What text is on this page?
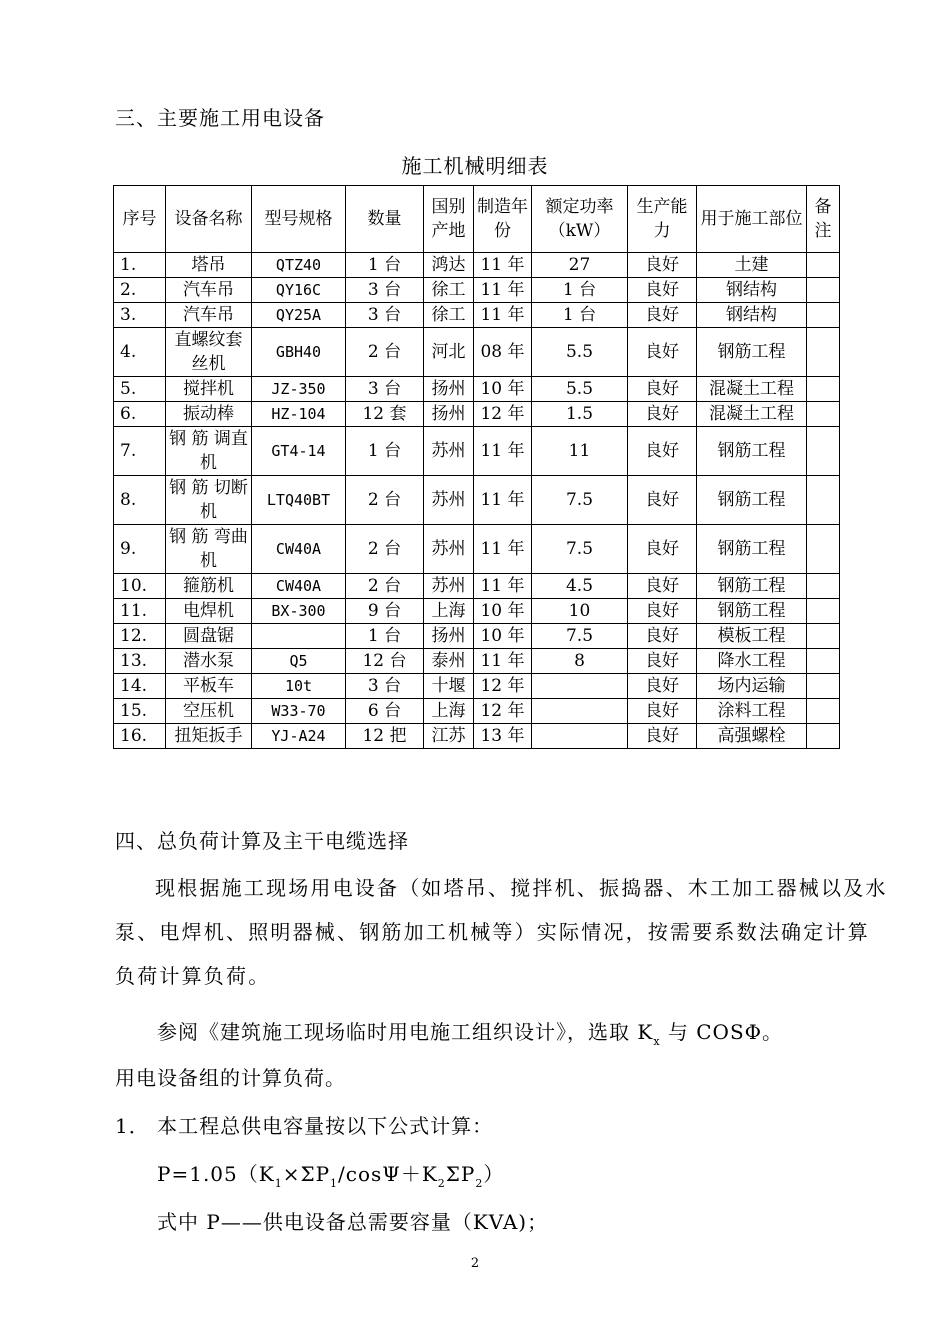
三、主要施工用电设备
施工机械明细表
序号	设备名称	型号规格	数量	国别产地	制造年份	额定功率（kW）	生产能力	用于施工部位	备注
1.	塔吊	QTZ40	1 台	鸿达	11 年	27	良好	土建	
2.	汽车吊	QY16C	3 台	徐工	11 年	1 台	良好	钢结构	
3.	汽车吊	QY25A	3 台	徐工	11 年	1 台	良好	钢结构	
4.	直螺纹套丝机	GBH40	2 台	河北	08 年	5.5	良好	钢筋工程	
5.	搅拌机	JZ-350	3 台	扬州	10 年	5.5	良好	混凝土工程	
6.	振动棒	HZ-104	12 套	扬州	12 年	1.5	良好	混凝土工程	
7.	钢 筋 调直机	GT4-14	1 台	苏州	11 年	11	良好	钢筋工程	
8.	钢 筋 切断机	LTQ40BT	2 台	苏州	11 年	7.5	良好	钢筋工程	
9.	钢 筋 弯曲机	CW40A	2 台	苏州	11 年	7.5	良好	钢筋工程	
10.	箍筋机	CW40A	2 台	苏州	11 年	4.5	良好	钢筋工程	
11.	电焊机	BX-300	9 台	上海	10 年	10	良好	钢筋工程	
12.	圆盘锯		1 台	扬州	10 年	7.5	良好	模板工程	
13.	潜水泵	Q5	12 台	泰州	11 年	8	良好	降水工程	
14.	平板车	10t	3 台	十堰	12 年		良好	场内运输	
15.	空压机	W33-70	6 台	上海	12 年		良好	涂料工程	
16.	扭矩扳手	YJ-A24	12 把	江苏	13 年		良好	高强螺栓	
四、总负荷计算及主干电缆选择
现根据施工现场用电设备（如塔吊、搅拌机、振捣器、木工加工器械以及水泵、电焊机、照明器械、钢筋加工机械等）实际情况，按需要系数法确定计算负荷计算负荷。
参阅《建筑施工现场临时用电施工组织设计》，选取 $K_x$ 与 COSΦ。
用电设备组的计算负荷。
1． 本工程总供电容量按以下公式计算：
$P=1.05(K_1\times\Sigma P_1/\cos\Psi+K_2\Sigma P_2)$
式中 P——供电设备总需要容量（KVA)；
2
